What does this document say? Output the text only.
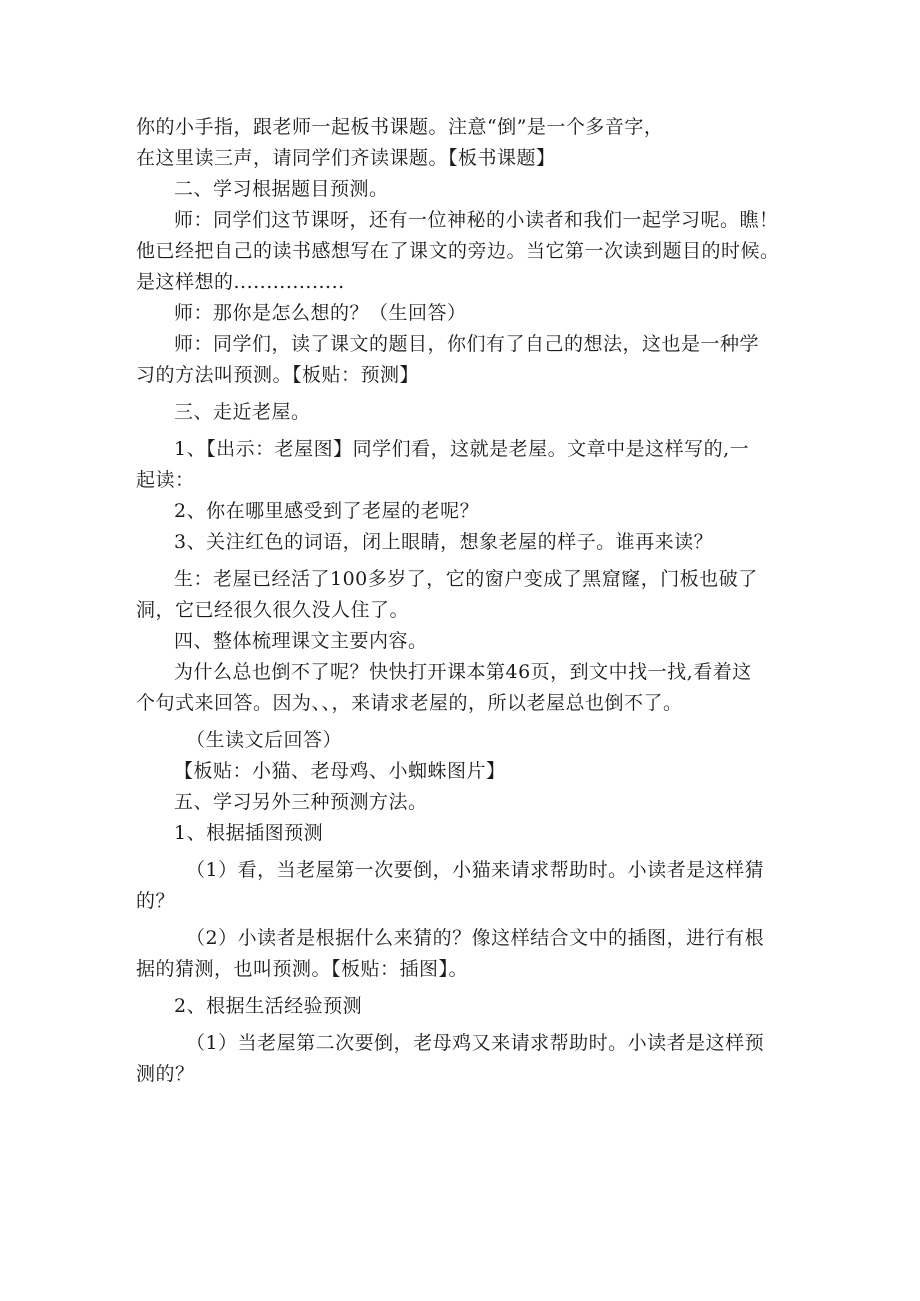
你的小手指，跟老师一起板书课题。注意“倒”是一个多音字，

在这里读三声，请同学们齐读课题。【板书课题】

二、学习根据题目预测。

师：同学们这节课呀，还有一位神秘的小读者和我们一起学习呢。瞧！

他已经把自己的读书感想写在了课文的旁边。当它第一次读到题目的时候。

是这样想的.................

师：那你是怎么想的？（生回答）

师：同学们，读了课文的题目，你们有了自己的想法，这也是一种学

习的方法叫预测。【板贴：预测】

三、走近老屋。

1、【出示：老屋图】同学们看，这就是老屋。文章中是这样写的,一

起读：

2、你在哪里感受到了老屋的老呢？

3、关注红色的词语，闭上眼睛，想象老屋的样子。谁再来读？

生：老屋已经活了100多岁了，它的窗户变成了黑窟窿，门板也破了

洞，它已经很久很久没人住了。

四、整体梳理课文主要内容。

为什么总也倒不了呢？快快打开课本第46页，到文中找一找,看着这

个句式来回答。因为、、，来请求老屋的，所以老屋总也倒不了。

（生读文后回答）

【板贴：小猫、老母鸡、小蜘蛛图片】

五、学习另外三种预测方法。

1、根据插图预测

（1）看，当老屋第一次要倒，小猫来请求帮助时。小读者是这样猜

的？

（2）小读者是根据什么来猜的？像这样结合文中的插图，进行有根

据的猜测，也叫预测。【板贴：插图】。

2、根据生活经验预测

（1）当老屋第二次要倒，老母鸡又来请求帮助时。小读者是这样预

测的？
